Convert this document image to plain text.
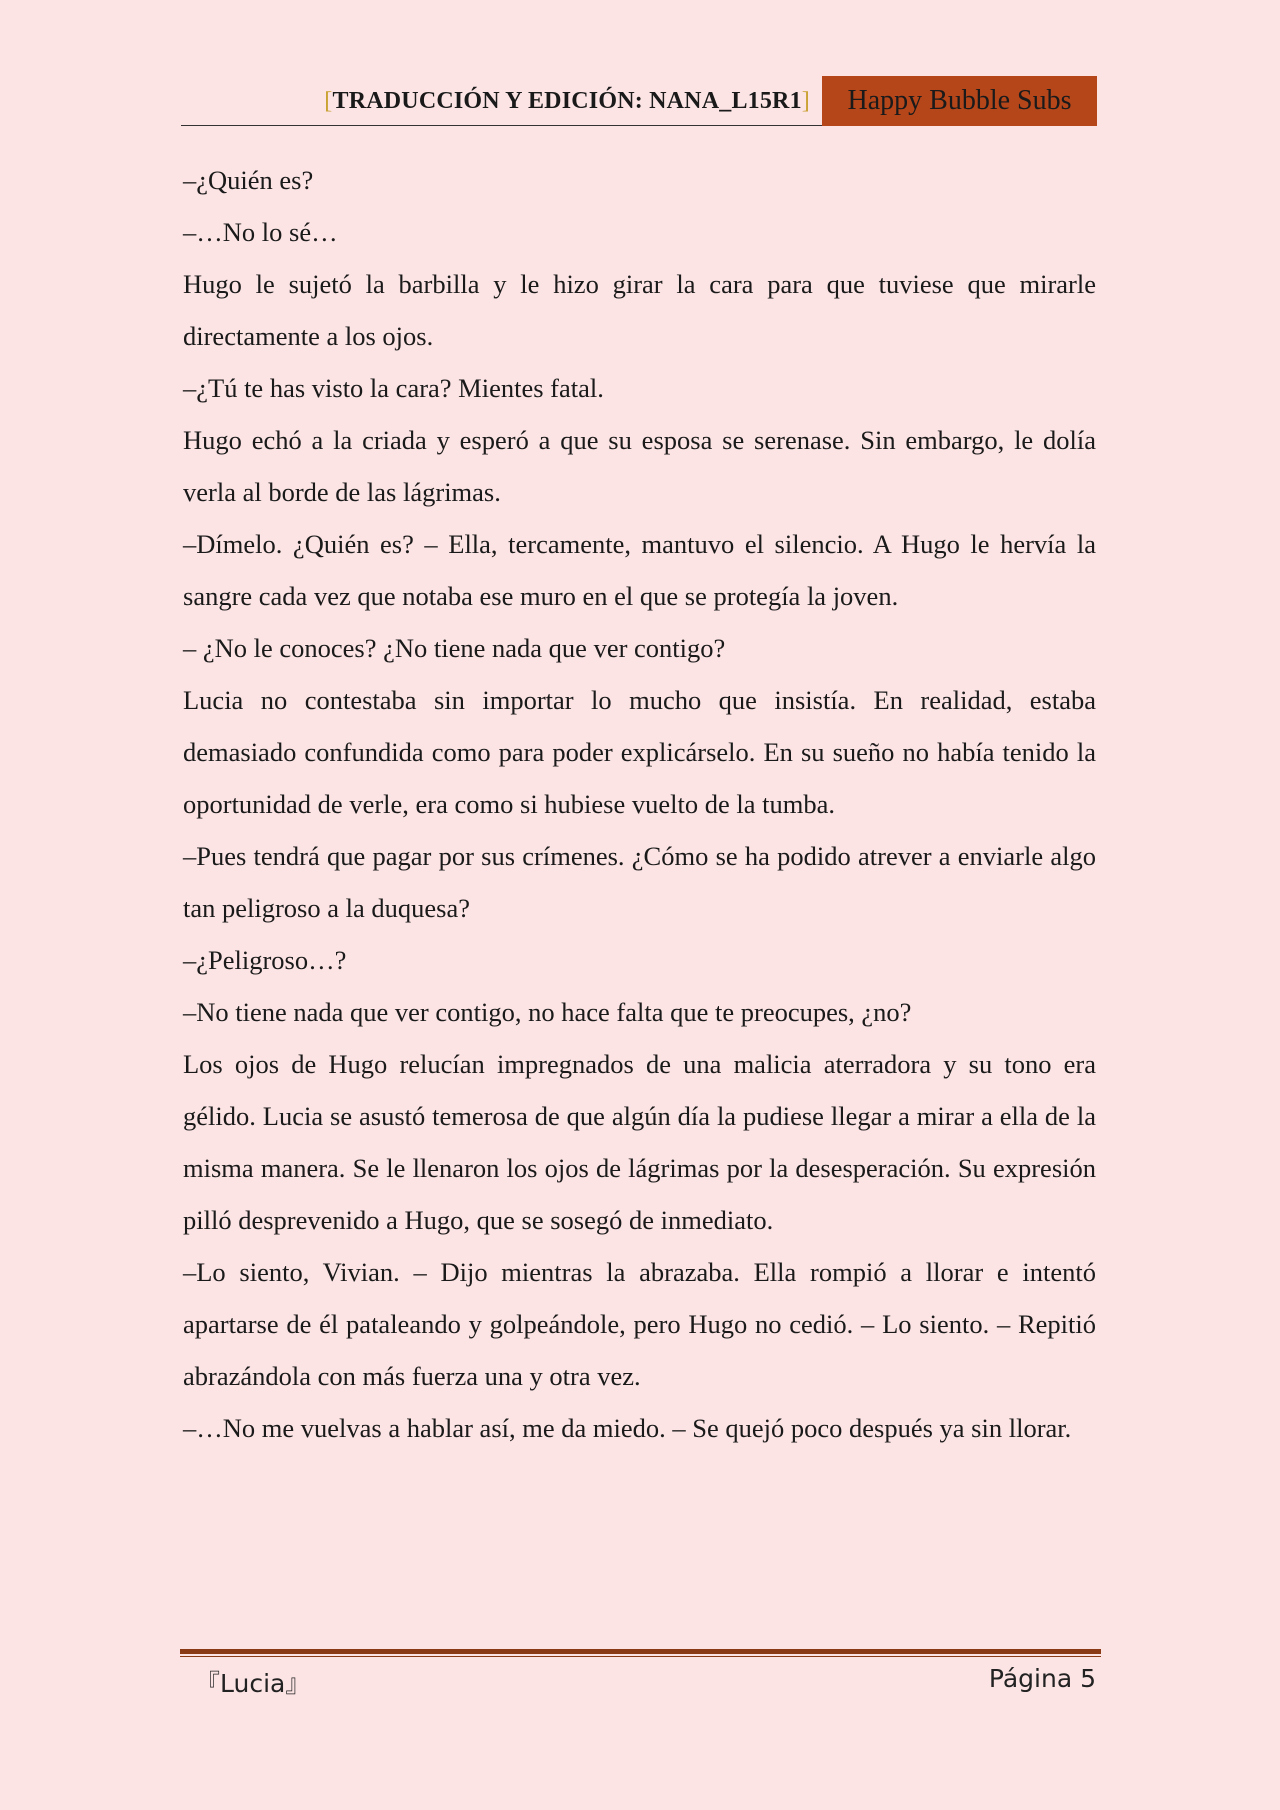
[TRADUCCIÓN Y EDICIÓN: NANA_L15R1]	Happy Bubble Subs

–¿Quién es?

–…No lo sé…

Hugo le sujetó la barbilla y le hizo girar la cara para que tuviese que mirarle directamente a los ojos.

–¿Tú te has visto la cara? Mientes fatal.

Hugo echó a la criada y esperó a que su esposa se serenase. Sin embargo, le dolía verla al borde de las lágrimas.

–Dímelo. ¿Quién es? – Ella, tercamente, mantuvo el silencio. A Hugo le hervía la sangre cada vez que notaba ese muro en el que se protegía la joven.

– ¿No le conoces? ¿No tiene nada que ver contigo?

Lucia no contestaba sin importar lo mucho que insistía. En realidad, estaba demasiado confundida como para poder explicárselo. En su sueño no había tenido la oportunidad de verle, era como si hubiese vuelto de la tumba.

–Pues tendrá que pagar por sus crímenes. ¿Cómo se ha podido atrever a enviarle algo tan peligroso a la duquesa?

–¿Peligroso…?

–No tiene nada que ver contigo, no hace falta que te preocupes, ¿no?

Los ojos de Hugo relucían impregnados de una malicia aterradora y su tono era gélido. Lucia se asustó temerosa de que algún día la pudiese llegar a mirar a ella de la misma manera. Se le llenaron los ojos de lágrimas por la desesperación. Su expresión pilló desprevenido a Hugo, que se sosegó de inmediato.

–Lo siento, Vivian. – Dijo mientras la abrazaba. Ella rompió a llorar e intentó apartarse de él pataleando y golpeándole, pero Hugo no cedió. – Lo siento. – Repitió abrazándola con más fuerza una y otra vez.

–…No me vuelvas a hablar así, me da miedo. – Se quejó poco después ya sin llorar.

『Lucia』	Página 5
